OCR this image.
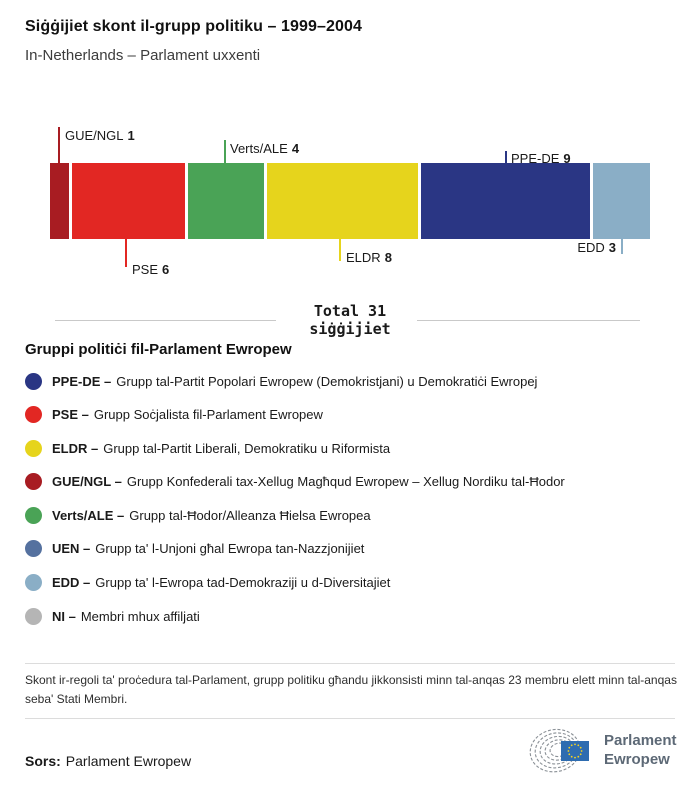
Siġġijiet skont il-grupp politiku – 1999–2004
In-Netherlands – Parlament uxxenti
GUE/NGL 1
PSE 6
Verts/ALE 4
ELDR 8
PPE-DE 9
EDD 3
Total 31
siġġijiet
Gruppi politiċi fil-Parlament Ewropew
PPE-DE – Grupp tal-Partit Popolari Ewropew (Demokristjani) u Demokratiċi Ewropej
PSE – Grupp Soċjalista fil-Parlament Ewropew
ELDR – Grupp tal-Partit Liberali, Demokratiku u Riformista
GUE/NGL – Grupp Konfederali tax-Xellug Magħqud Ewropew – Xellug Nordiku tal-Ħodor
Verts/ALE – Grupp tal-Ħodor/Alleanza Ħielsa Ewropea
UEN – Grupp ta' l-Unjoni għal Ewropa tan-Nazzjonijiet
EDD – Grupp ta' l-Ewropa tad-Demokraziji u d-Diversitajiet
NI – Membri mhux affiljati
Skont ir-regoli ta' proċedura tal-Parlament, grupp politiku għandu jikkonsisti minn tal-anqas 23 membru elett minn tal-anqas seba' Stati Membri.
Sors: Parlament Ewropew
Parlament
Ewropew
